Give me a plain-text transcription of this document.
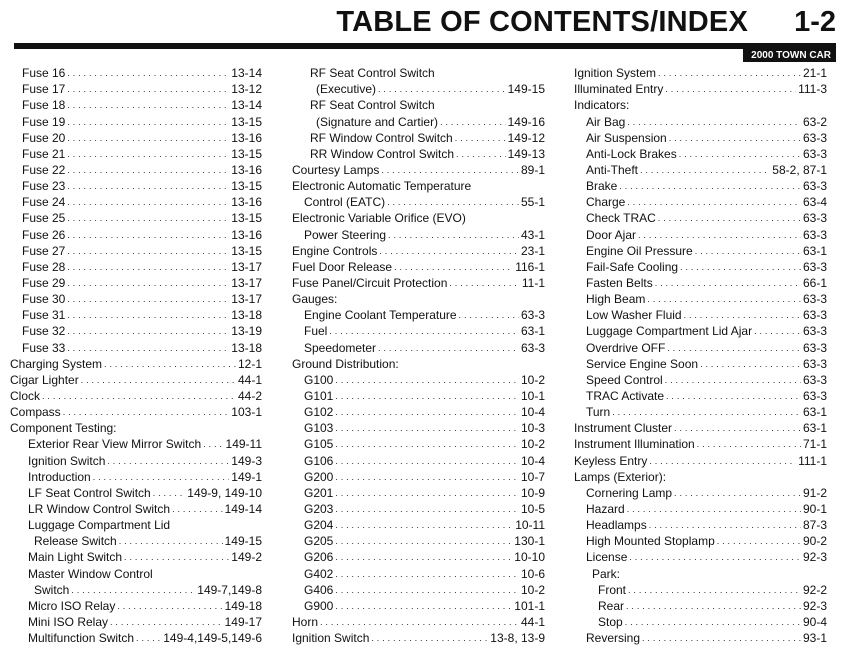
TABLE OF CONTENTS/INDEX 1-2
2000 TOWN CAR
Fuse 16 . . .	13-14
Fuse 17 . . .	13-12
Fuse 18 . . .	13-14
Fuse 19 . . .	13-15
Fuse 20 . . .	13-16
Fuse 21 . . .	13-15
Fuse 22 . . .	13-16
Fuse 23 . . .	13-15
Fuse 24 . . .	13-16
Fuse 25 . . .	13-15
Fuse 26 . . .	13-16
Fuse 27 . . .	13-15
Fuse 28 . . .	13-17
Fuse 29 . . .	13-17
Fuse 30 . . .	13-17
Fuse 31 . . .	13-18
Fuse 32 . . .	13-19
Fuse 33 . . .	13-18
Charging System . . .	12-1
Cigar Lighter . . .	44-1
Clock . . .	44-2
Compass . . .	103-1
Component Testing:
Exterior Rear View Mirror Switch . . . 149-11
Ignition Switch . . .	149-3
Introduction . . .	149-1
LF Seat Control Switch . . .	149-9, 149-10
LR Window Control Switch . . .	149-14
Luggage Compartment Lid
Release Switch . . .	149-15
Main Light Switch . . .	149-2
Master Window Control
Switch . . .	149-7,149-8
Micro ISO Relay . . .	149-18
Mini ISO Relay . . .	149-17
Multifunction Switch . . . 149-4,149-5,149-6
RF Seat Control Switch
(Executive) . . .	149-15
RF Seat Control Switch
(Signature and Cartier) . . .	149-16
RF Window Control Switch . . .	149-12
RR Window Control Switch . . .	149-13
Courtesy Lamps . . .	89-1
Electronic Automatic Temperature
Control (EATC) . . .	55-1
Electronic Variable Orifice (EVO)
Power Steering . . .	43-1
Engine Controls . . .	23-1
Fuel Door Release . . .	116-1
Fuse Panel/Circuit Protection . . .	11-1
Gauges:
Engine Coolant Temperature . . .	63-3
Fuel . . .	63-1
Speedometer . . .	63-3
Ground Distribution:
G100 . . .	10-2
G101 . . .	10-1
G102 . . .	10-4
G103 . . .	10-3
G105 . . .	10-2
G106 . . .	10-4
G200 . . .	10-7
G201 . . .	10-9
G203 . . .	10-5
G204 . . .	10-11
G205 . . .	130-1
G206 . . .	10-10
G402 . . .	10-6
G406 . . .	10-2
G900 . . .	101-1
Horn . . .	44-1
Ignition Switch . . .	13-8, 13-9
Ignition System . . .	21-1
Illuminated Entry . . .	111-3
Indicators:
Air Bag . . .	63-2
Air Suspension . . .	63-3
Anti-Lock Brakes . . .	63-3
Anti-Theft . . .	58-2, 87-1
Brake . . .	63-3
Charge . . .	63-4
Check TRAC . . .	63-3
Door Ajar . . .	63-3
Engine Oil Pressure . . .	63-1
Fail-Safe Cooling . . .	63-3
Fasten Belts . . .	66-1
High Beam . . .	63-3
Low Washer Fluid . . .	63-3
Luggage Compartment Lid Ajar . . .	63-3
Overdrive OFF . . .	63-3
Service Engine Soon . . .	63-3
Speed Control . . .	63-3
TRAC Activate . . .	63-3
Turn . . .	63-1
Instrument Cluster . . .	63-1
Instrument Illumination . . .	71-1
Keyless Entry . . .	111-1
Lamps (Exterior):
Cornering Lamp . . .	91-2
Hazard . . .	90-1
Headlamps . . .	87-3
High Mounted Stoplamp . . .	90-2
License . . .	92-3
Park:
Front . . .	92-2
Rear . . .	92-3
Stop . . .	90-4
Reversing . . .	93-1
